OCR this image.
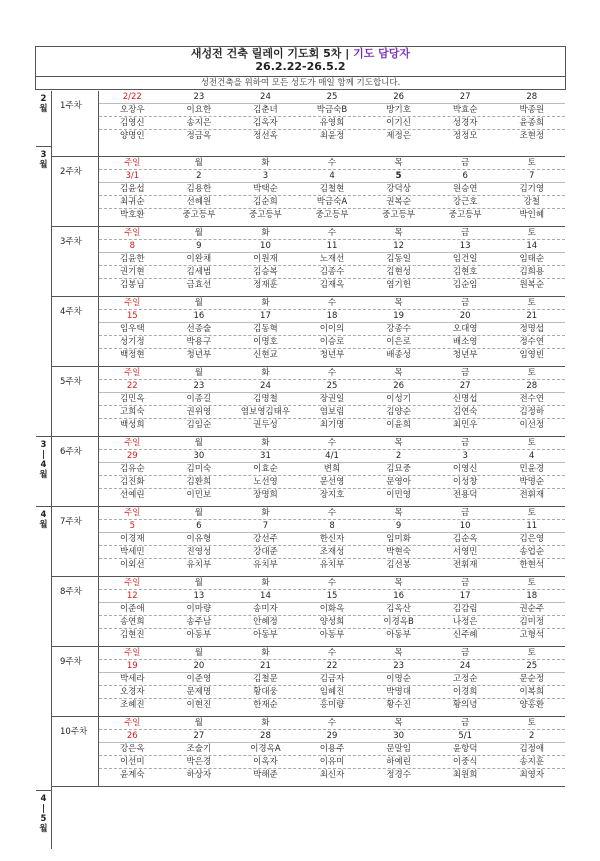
새성전 건축 릴레이 기도회 5차 | 기도 담당자
26.2.22-26.5.2
성전건축을 위하여 모든 성도가 매일 함께 기도합니다.
2
월
3
월
3
|
4
월
4
월
4
|
5
월
1주차
2/22	23	24	25	26	27	28
오장우	이요한	김춘녀	박금숙B	방기호	박효순	박종원
김영신	송지은	김옥자	유영희	이기신	성경자	윤종희
양명인	정금옥	정선옥	최윤정	제정은	정정모	조현정
2주차
주일	월	화	수	목	금	토
3/1	2	3	4	5	6	7
김윤섭	김용한	박택순	김철현	강덕상	원승연	김기영
최귀순	선혜원	김순희	박금숙A	권복순	강근호	강철
박호환	중고등부	중고등부	중고등부	중고등부	중고등부	박인혜
3주차
주일	월	화	수	목	금	토
8	9	10	11	12	13	14
김윤한	이완채	이원재	노재선	김동일	임건일	임태순
권기현	김세범	김승복	김종수	김현성	김현호	김희용
김봉님	금효선	정재훈	김재옥	염기헌	김순임	원복순
4주차
주일	월	화	수	목	금	토
15	16	17	18	19	20	21
임우택	선종술	김동혁	이이의	강종수	오대영	정명섭
성기정	박용구	이명호	이승로	이은로	배소영	정수연
백정현	청년부	신현교	청년부	배종성	청년부	임영빈
5주차
주일	월	화	수	목	금	토
22	23	24	25	26	27	28
김민옥	이종길	김명철	장권일	이성기	신명섭	전수연
고희숙	권위영	염보영김태우	염보림	김양순	김연숙	김정하
백성희	김임순	권두성	최기명	이윤희	최민우	이선정
6주차
주일	월	화	수	목	금	토
29	30	31	4/1	2	3	4
김유순	김미숙	이효순	변희	김묘중	이영신	민윤경
김진화	김환희	노선영	문선영	문영아	이성창	박명순
선예린	이민보	장명희	장지호	이민영	전용덕	전휘재
7주차
주일	월	화	수	목	금	토
5	6	7	8	9	10	11
이경재	이유형	강선주	한신자	임미화	김순옥	김은영
박세민	진영성	강대준	조재성	박현숙	서영민	송업순
이외선	유치부	유치부	유치부	김선봉	전휘재	한현석
8주차
주일	월	화	수	목	금	토
12	13	14	15	16	17	18
이준애	이마량	송미자	이화옥	김옥산	김감림	권순주
송연희	송주남	안혜정	양성희	이경옥B	나정은	김미정
김현진	아동부	아동부	아동부	아동부	신주혜	고형석
9주차
주일	월	화	수	목	금	토
19	20	21	22	23	24	25
박세라	이준영	김철문	김금자	이명순	고정순	문순정
오경자	문제명	황대웅	임혜진	박명대	이경희	이복희
조혜진	이현진	한재순	홍미량	황수진	황의녕	양홍환
10주차
주일	월	화	수	목	금	토
26	27	28	29	30	5/1	2
강은옥	조술기	이경옥A	이용주	문말임	윤항덕	김정애
이선미	박은경	이옥자	이유미	하예린	이중식	송지훈
윤계숙	하상자	박해준	최신자	정경수	최원희	최영자
